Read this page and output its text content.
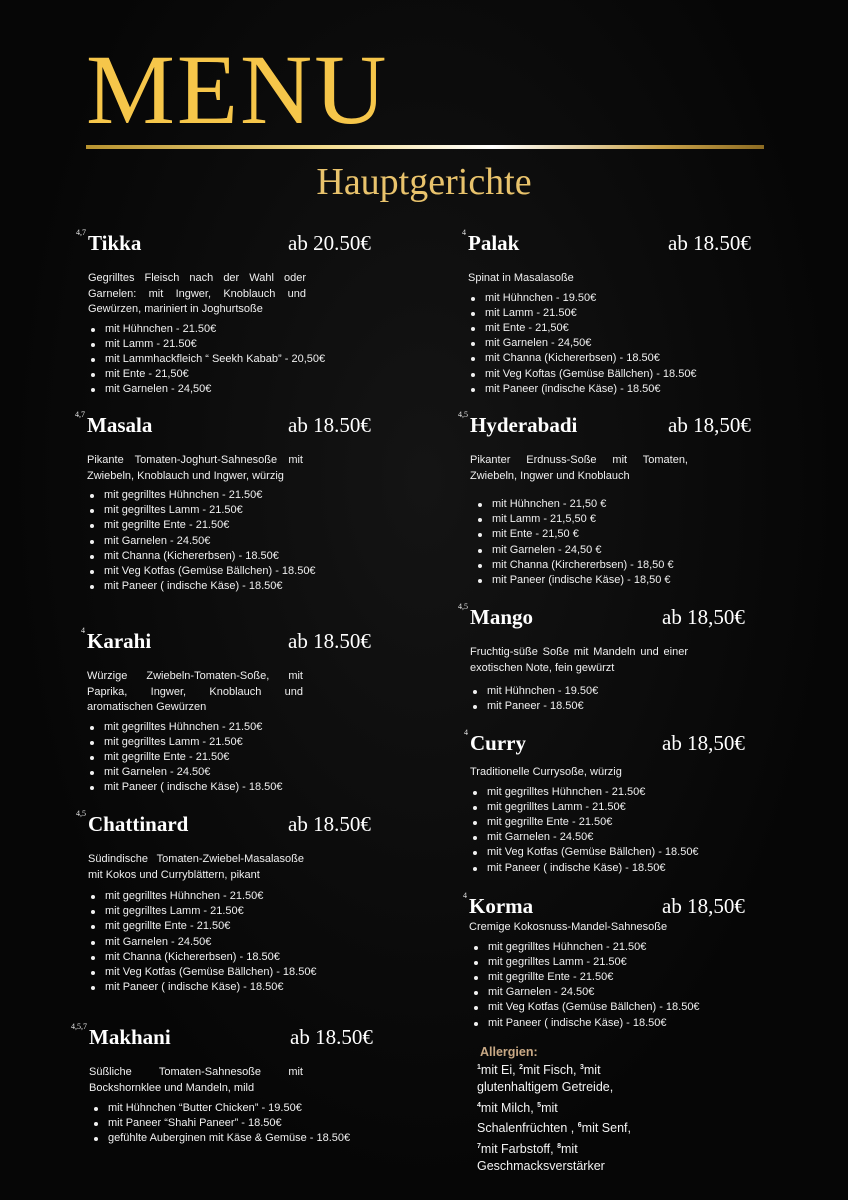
MENU
Hauptgerichte
4,7 Tikka	ab 20.50€
Gegrilltes Fleisch nach der Wahl oder Garnelen: mit Ingwer, Knoblauch und Gewürzen, mariniert in Joghurtsoße
mit Hühnchen - 21.50€
mit Lamm - 21.50€
mit Lammhackfleich “ Seekh Kabab” - 20,50€
mit Ente - 21,50€
mit Garnelen - 24,50€
4,7 Masala	ab 18.50€
Pikante Tomaten-Joghurt-Sahnesoße mit Zwiebeln, Knoblauch und Ingwer, würzig
mit gegrilltes Hühnchen - 21.50€
mit gegrilltes Lamm - 21.50€
mit gegrillte Ente - 21.50€
mit Garnelen - 24.50€
mit Channa (Kichererbsen) - 18.50€
mit Veg Kotfas (Gemüse Bällchen) - 18.50€
mit Paneer ( indische Käse) - 18.50€
4 Karahi	ab 18.50€
Würzige Zwiebeln-Tomaten-Soße, mit Paprika, Ingwer, Knoblauch und aromatischen Gewürzen
mit gegrilltes Hühnchen - 21.50€
mit gegrilltes Lamm - 21.50€
mit gegrillte Ente - 21.50€
mit Garnelen - 24.50€
mit Paneer ( indische Käse) - 18.50€
4,5 Chattinard	ab 18.50€
Südindische Tomaten-Zwiebel-Masalasoße mit Kokos und Curryblättern, pikant
mit gegrilltes Hühnchen - 21.50€
mit gegrilltes Lamm - 21.50€
mit gegrillte Ente - 21.50€
mit Garnelen - 24.50€
mit Channa (Kichererbsen) - 18.50€
mit Veg Kotfas (Gemüse Bällchen) - 18.50€
mit Paneer ( indische Käse) - 18.50€
4,5,7 Makhani	ab 18.50€
Süßliche Tomaten-Sahnesoße mit Bockshornklee und Mandeln, mild
mit Hühnchen “Butter Chicken” - 19.50€
mit Paneer “Shahi Paneer” - 18.50€
gefühlte Auberginen mit Käse & Gemüse - 18.50€
4 Palak	ab 18.50€
Spinat in Masalasoße
mit Hühnchen - 19.50€
mit Lamm - 21.50€
mit Ente - 21,50€
mit Garnelen - 24,50€
mit Channa (Kichererbsen) - 18.50€
mit Veg Koftas (Gemüse Bällchen) - 18.50€
mit Paneer (indische Käse) - 18.50€
4,5 Hyderabadi	ab 18,50€
Pikanter Erdnuss-Soße mit Tomaten, Zwiebeln, Ingwer und Knoblauch
mit Hühnchen - 21,50 €
mit Lamm - 21,5,50 €
mit Ente - 21,50 €
mit Garnelen - 24,50 €
mit Channa (Kirchererbsen) - 18,50 €
mit Paneer (indische Käse) - 18,50 €
4,5 Mango	ab 18,50€
Fruchtig-süße Soße mit Mandeln und einer exotischen Note, fein gewürzt
mit Hühnchen - 19.50€
mit Paneer - 18.50€
4 Curry	ab 18,50€
Traditionelle Currysoße, würzig
mit gegrilltes Hühnchen - 21.50€
mit gegrilltes Lamm - 21.50€
mit gegrillte Ente - 21.50€
mit Garnelen - 24.50€
mit Veg Kotfas (Gemüse Bällchen) - 18.50€
mit Paneer ( indische Käse) - 18.50€
4 Korma	ab 18,50€
Cremige Kokosnuss-Mandel-Sahnesoße
mit gegrilltes Hühnchen - 21.50€
mit gegrilltes Lamm - 21.50€
mit gegrillte Ente - 21.50€
mit Garnelen - 24.50€
mit Veg Kotfas (Gemüse Bällchen) - 18.50€
mit Paneer ( indische Käse) - 18.50€
Allergien:
$^1$mit Ei, $^2$mit Fisch, $^3$mit
glutenhaltigem Getreide,
$^4$mit Milch, $^5$mit
Schalenfrüchten , $^6$mit Senf,
$^7$mit Farbstoff, $^8$mit
Geschmacksverstärker
